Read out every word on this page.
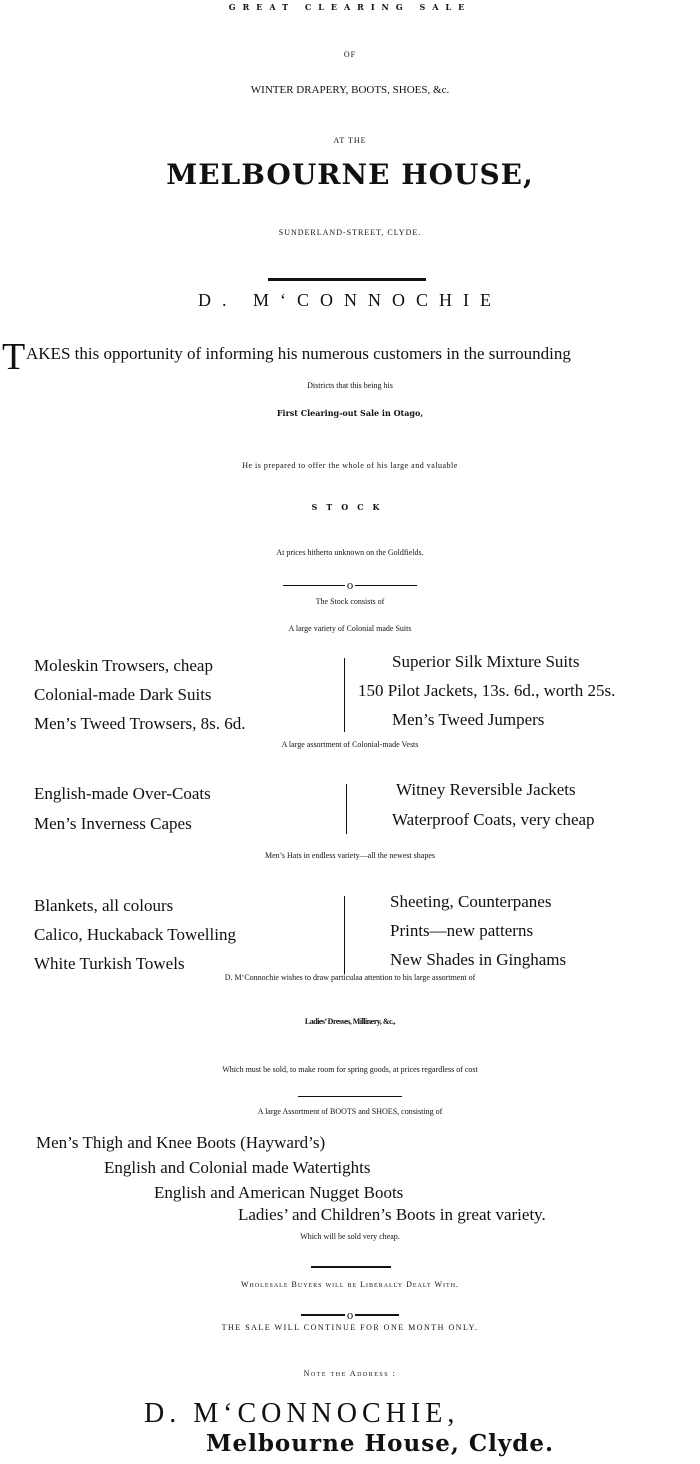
GREAT CLEARING SALE
OF
WINTER DRAPERY, BOOTS, SHOES, &c.
AT THE
MELBOURNE HOUSE,
SUNDERLAND-STREET, CLYDE.
D. M‘CONNOCHIE
T AKES this opportunity of informing his numerous customers in the surrounding
Districts that this being his
First Clearing-out Sale in Otago,
He is prepared to offer the whole of his large and valuable
STOCK
At prices hitherto unknown on the Goldfields.
o
The Stock consists of
A large variety of Colonial made Suits
Moleskin Trowsers, cheap
Colonial-made Dark Suits
Men’s Tweed Trowsers, 8s. 6d.
Superior Silk Mixture Suits
150 Pilot Jackets, 13s. 6d., worth 25s.
Men’s Tweed Jumpers
A large assortment of Colonial-made Vests
English-made Over-Coats
Men’s Inverness Capes
Witney Reversible Jackets
Waterproof Coats, very cheap
Men’s Hats in endless variety—all the newest shapes
Blankets, all colours
Calico, Huckaback Towelling
White Turkish Towels
Sheeting, Counterpanes
Prints—new patterns
New Shades in Ginghams
D. M‘Connochie wishes to draw particulaa attention to his large assortment of
Ladies’ Dresses, Millinery, &c.,
Which must be sold, to make room for spring goods, at prices regardless of cost
A large Assortment of BOOTS and SHOES, consisting of
Men’s Thigh and Knee Boots (Hayward’s)
English and Colonial made Watertights
English and American Nugget Boots
Ladies’ and Children’s Boots in great variety.
Which will be sold very cheap.
Wholesale Buyers will be Liberally Dealt With.
o
THE SALE WILL CONTINUE FOR ONE MONTH ONLY.
Note the Address :
D. M‘CONNOCHIE,
Melbourne House, Clyde.
